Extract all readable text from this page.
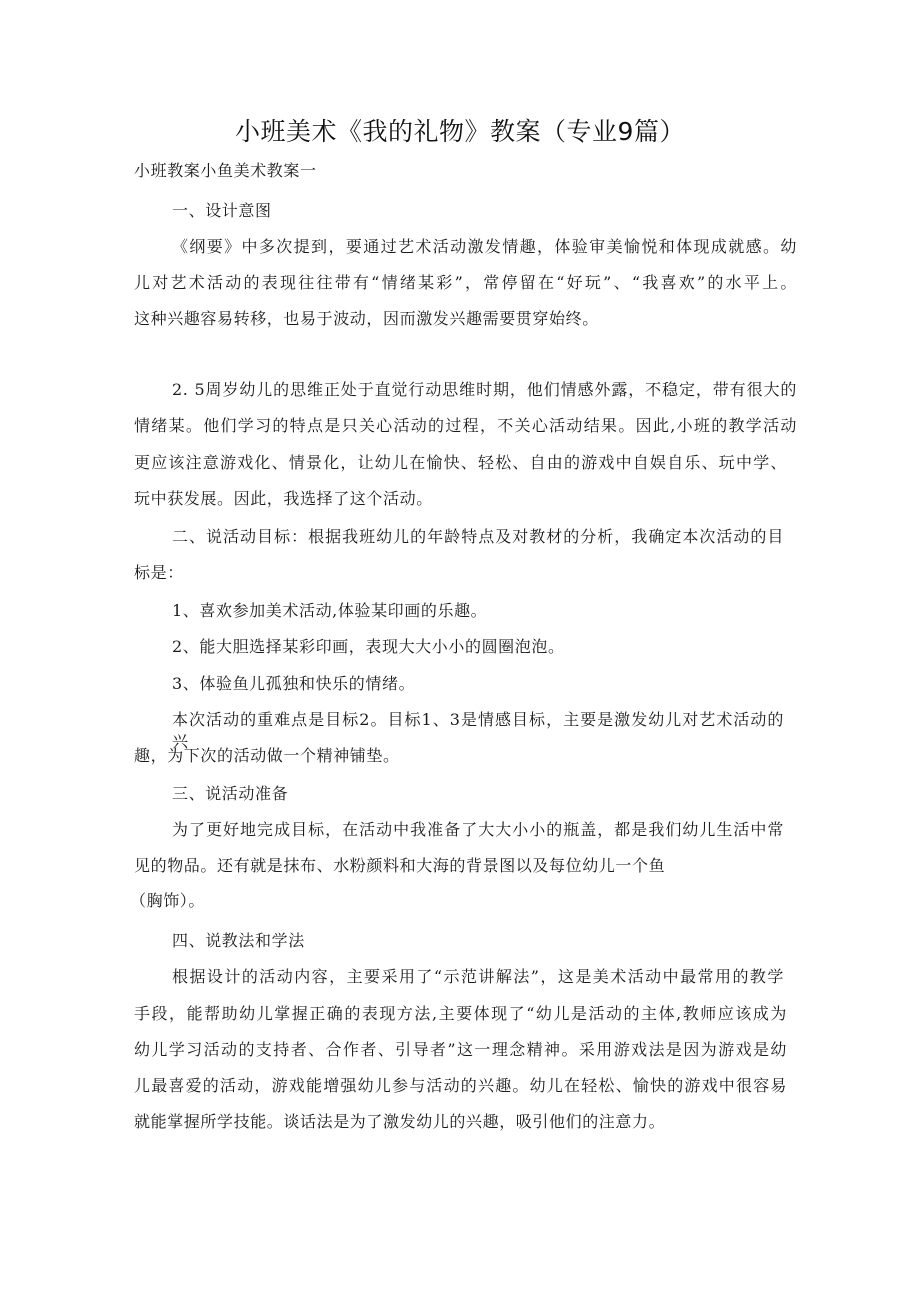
小班美术《我的礼物》教案（专业9篇）

小班教案小鱼美术教案一

一、设计意图

《纲要》中多次提到，要通过艺术活动激发情趣，体验审美愉悦和体现成就感。幼

儿对艺术活动的表现往往带有“情绪某彩”，常停留在“好玩”、“我喜欢”的水平上。

这种兴趣容易转移，也易于波动，因而激发兴趣需要贯穿始终。

2. 5周岁幼儿的思维正处于直觉行动思维时期，他们情感外露，不稳定，带有很大的

情绪某。他们学习的特点是只关心活动的过程，不关心活动结果。因此,小班的教学活动

更应该注意游戏化、情景化，让幼儿在愉快、轻松、自由的游戏中自娱自乐、玩中学、

玩中获发展。因此，我选择了这个活动。

二、说活动目标：根据我班幼儿的年龄特点及对教材的分析，我确定本次活动的目

标是：

1、喜欢参加美术活动,体验某印画的乐趣。

2、能大胆选择某彩印画，表现大大小小的圆圈泡泡。

3、体验鱼儿孤独和快乐的情绪。

本次活动的重难点是目标2。目标1、3是情感目标，主要是激发幼儿对艺术活动的兴

趣，为下次的活动做一个精神铺垫。

三、说活动准备

为了更好地完成目标，在活动中我准备了大大小小的瓶盖，都是我们幼儿生活中常

见的物品。还有就是抹布、水粉颜料和大海的背景图以及每位幼儿一个鱼

（胸饰）。

四、说教法和学法

根据设计的活动内容，主要采用了“示范讲解法”，这是美术活动中最常用的教学

手段，能帮助幼儿掌握正确的表现方法,主要体现了“幼儿是活动的主体,教师应该成为

幼儿学习活动的支持者、合作者、引导者”这一理念精神。采用游戏法是因为游戏是幼

儿最喜爱的活动，游戏能增强幼儿参与活动的兴趣。幼儿在轻松、愉快的游戏中很容易

就能掌握所学技能。谈话法是为了激发幼儿的兴趣，吸引他们的注意力。
